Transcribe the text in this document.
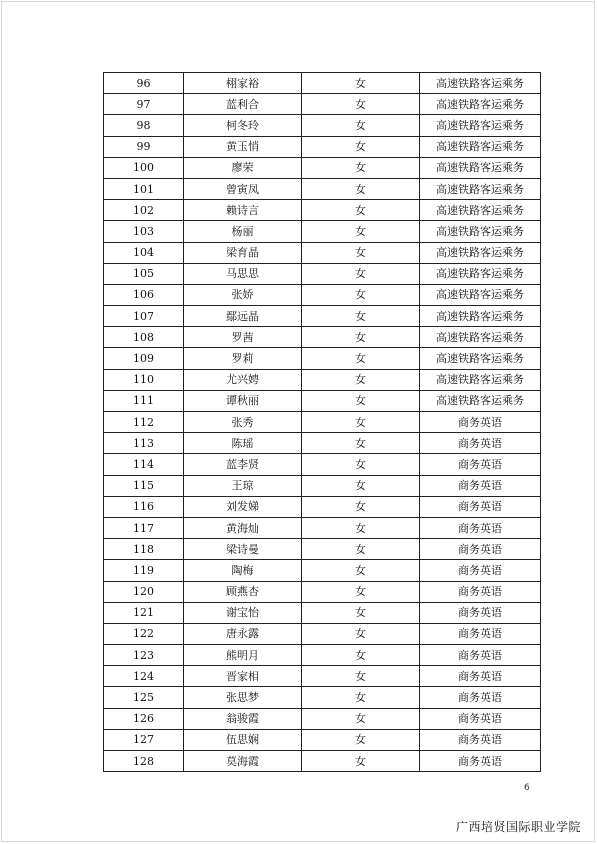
96	栩家裕	女	高速铁路客运乘务
97	蓝利合	女	高速铁路客运乘务
98	柯冬玲	女	高速铁路客运乘务
99	黄玉悄	女	高速铁路客运乘务
100	廖荣	女	高速铁路客运乘务
101	曾寅凤	女	高速铁路客运乘务
102	赖诗言	女	高速铁路客运乘务
103	杨丽	女	高速铁路客运乘务
104	梁育晶	女	高速铁路客运乘务
105	马思思	女	高速铁路客运乘务
106	张娇	女	高速铁路客运乘务
107	鄢远晶	女	高速铁路客运乘务
108	罗茜	女	高速铁路客运乘务
109	罗莉	女	高速铁路客运乘务
110	尤兴娉	女	高速铁路客运乘务
111	谭秋丽	女	高速铁路客运乘务
112	张秀	女	商务英语
113	陈瑶	女	商务英语
114	蓝李贤	女	商务英语
115	王琼	女	商务英语
116	刘发娣	女	商务英语
117	黄海灿	女	商务英语
118	梁诗曼	女	商务英语
119	陶梅	女	商务英语
120	顾燕杏	女	商务英语
121	谢宝怡	女	商务英语
122	唐永露	女	商务英语
123	熊明月	女	商务英语
124	晋家相	女	商务英语
125	张思梦	女	商务英语
126	翁骏霞	女	商务英语
127	伍思娴	女	商务英语
128	莫海霞	女	商务英语
6
广西培贤国际职业学院
